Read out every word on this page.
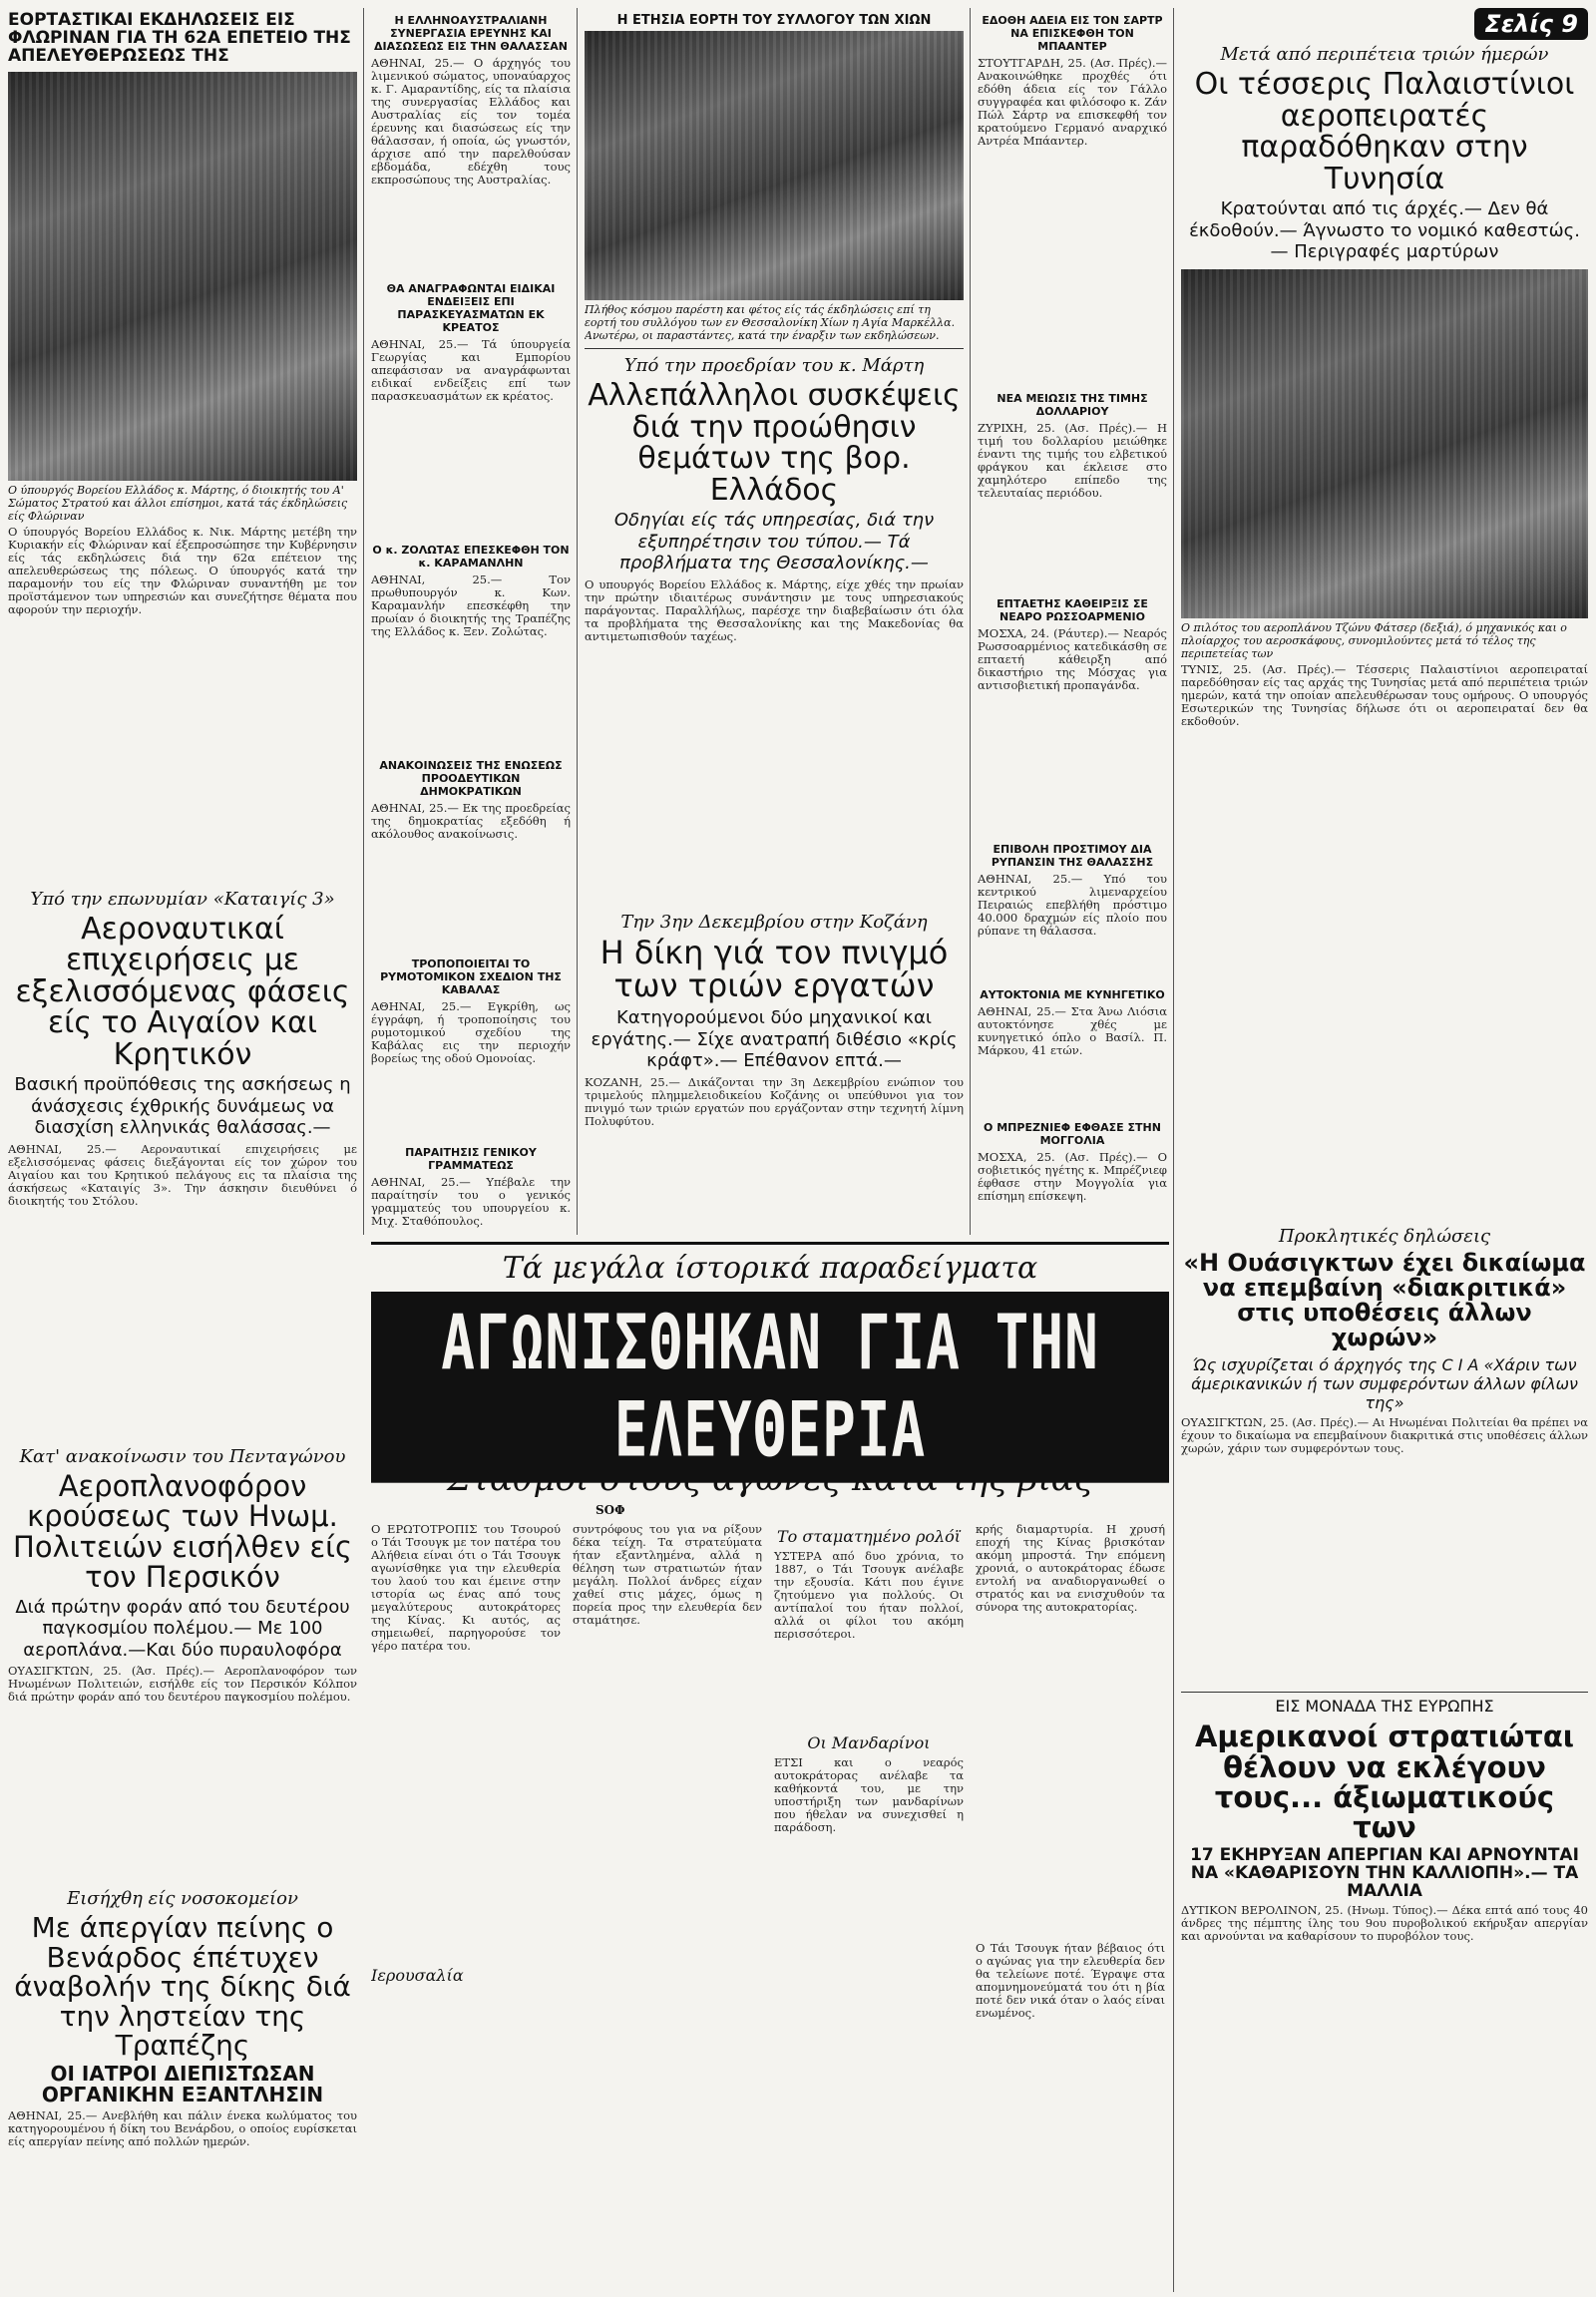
ΕΟΡΤΑΣΤΙΚΑΙ ΕΚΔΗΛΩΣΕΙΣ ΕΙΣ ΦΛΩΡΙΝΑΝ ΓΙΑ ΤΗ 62Α ΕΠΕΤΕΙΟ ΤΗΣ ΑΠΕΛΕΥΘΕΡΩΣΕΩΣ ΤΗΣ
Ο ύπουργός Βορείου Ελλάδος κ. Μάρτης, ό διοικητής του Α' Σώματος Στρατού και άλλοι επίσημοι, κατά τάς έκδηλώσεις είς Φλώριναν
Ο ύπουργός Βορείου Ελλάδος κ. Νικ. Μάρτης μετέβη την Κυριακήν είς Φλώριναν καί έξεπροσώπησε την Κυβέρνησιν είς τάς εκδηλώσεις διά την 62α επέτειον της απελευθερώσεως της πόλεως. Ο ύπουργός κατά την παραμονήν του είς την Φλώριναν συναντήθη με τον προϊστάμενον των υπηρεσιών και συνεζήτησε θέματα που αφορούν την περιοχήν.
Υπό την επωνυμίαν «Καταιγίς 3»
Αεροναυτικαί επιχειρήσεις με εξελισσόμενας φάσεις είς το Αιγαίον και Κρητικόν
Βασική προϋπόθεσις της ασκήσεως η άνάσχεσις έχθρικής δυνάμεως να διασχίση ελληνικάς θαλάσσας.—
ΑΘΗΝΑΙ, 25.— Αεροναυτικαί επιχειρήσεις με εξελισσόμενας φάσεις διεξάγονται είς τον χώρον του Αιγαίου και του Κρητικού πελάγους εις τα πλαίσια της άσκήσεως «Καταιγίς 3». Την άσκησιν διευθύνει ό διοικητής του Στόλου.
Κατ' ανακοίνωσιν του Πενταγώνου
Αεροπλανοφόρον κρούσεως των Ηνωμ. Πολιτειών εισήλθεν είς τον Περσικόν
Διά πρώτην φοράν από του δευτέρου παγκοσμίου πολέμου.— Με 100 αεροπλάνα.—Και δύο πυραυλοφόρα
ΟΥΑΣΙΓΚΤΩΝ, 25. (Άσ. Πρές).— Αεροπλανοφόρον των Ηνωμένων Πολιτειών, εισήλθε είς τον Περσικόν Κόλπον διά πρώτην φοράν από του δευτέρου παγκοσμίου πολέμου.
Εισήχθη είς νοσοκομείον
Με άπεργίαν πείνης ο Βενάρδος έπέτυχεν άναβολήν της δίκης διά την ληστείαν της Τραπέζης
ΟΙ ΙΑΤΡΟΙ ΔΙΕΠΙΣΤΩΣΑΝ ΟΡΓΑΝΙΚΗΝ ΕΞΑΝΤΛΗΣΙΝ
ΑΘΗΝΑΙ, 25.— Ανεβλήθη και πάλιν ένεκα κωλύματος του κατηγορουμένου ή δίκη του Βενάρδου, ο οποίος ευρίσκεται είς απεργίαν πείνης από πολλών ημερών.
Η ΕΛΛΗΝΟΑΥΣΤΡΑΛΙΑΝΗ ΣΥΝΕΡΓΑΣΙΑ ΕΡΕΥΝΗΣ ΚΑΙ ΔΙΑΣΩΣΕΩΣ ΕΙΣ ΤΗΝ ΘΑΛΑΣΣΑΝ
ΑΘΗΝΑΙ, 25.— Ο άρχηγός του λιμενικού σώματος, υποναύαρχος κ. Γ. Αμαραντίδης, είς τα πλαίσια της συνεργασίας Ελλάδος και Αυστραλίας είς τον τομέα έρευνης και διασώσεως είς την θάλασσαν, ή οποία, ώς γνωστόν, άρχισε από την παρελθούσαν εβδομάδα, εδέχθη τους εκπροσώπους της Αυστραλίας.
ΘΑ ΑΝΑΓΡΑΦΩΝΤΑΙ ΕΙΔΙΚΑΙ ΕΝΔΕΙΞΕΙΣ ΕΠΙ ΠΑΡΑΣΚΕΥΑΣΜΑΤΩΝ ΕΚ ΚΡΕΑΤΟΣ
ΑΘΗΝΑΙ, 25.— Τά ύπουργεία Γεωργίας και Εμπορίου απεφάσισαν να αναγράφωνται ειδικαί ενδείξεις επί των παρασκευασμάτων εκ κρέατος.
Ο κ. ΖΟΛΩΤΑΣ ΕΠΕΣΚΕΦΘΗ ΤΟΝ κ. ΚΑΡΑΜΑΝΛΗΝ
ΑΘΗΝΑΙ, 25.— Τον πρωθυπουργόν κ. Κων. Καραμανλήν επεσκέφθη την πρωίαν ό διοικητής της Τραπέζης της Ελλάδος κ. Ξεν. Ζολώτας.
ΑΝΑΚΟΙΝΩΣΕΙΣ ΤΗΣ ΕΝΩΣΕΩΣ ΠΡΟΟΔΕΥΤΙΚΩΝ ΔΗΜΟΚΡΑΤΙΚΩΝ
ΑΘΗΝΑΙ, 25.— Εκ της προεδρείας της δημοκρατίας εξεδόθη ή ακόλουθος ανακοίνωσις.
ΤΡΟΠΟΠΟΙΕΙΤΑΙ ΤΟ ΡΥΜΟΤΟΜΙΚΟΝ ΣΧΕΔΙΟΝ ΤΗΣ ΚΑΒΑΛΑΣ
ΑΘΗΝΑΙ, 25.— Εγκρίθη, ως έγγράφη, ή τροποποίησις του ρυμοτομικού σχεδίου της Καβάλας εις την περιοχήν βορείως της οδού Ομονοίας.
ΠΑΡΑΙΤΗΣΙΣ ΓΕΝΙΚΟΥ ΓΡΑΜΜΑΤΕΩΣ
ΑΘΗΝΑΙ, 25.— Υπέβαλε την παραίτησίν του ο γενικός γραμματεύς του υπουργείου κ. Μιχ. Σταθόπουλος.
Η ΕΤΗΣΙΑ ΕΟΡΤΗ ΤΟΥ ΣΥΛΛΟΓΟΥ ΤΩΝ ΧΙΩΝ
Πλήθος κόσμου παρέστη και φέτος είς τάς έκδηλώσεις επί τη εορτή του συλλόγου των εν Θεσσαλονίκη Χίων η Αγία Μαρκέλλα. Ανωτέρω, οι παραστάντες, κατά την έναρξιν των εκδηλώσεων.
Υπό την προεδρίαν του κ. Μάρτη
Αλλεπάλληλοι συσκέψεις διά την προώθησιν θεμάτων της βορ. Ελλάδος
Οδηγίαι είς τάς υπηρεσίας, διά την εξυπηρέτησιν του τύπου.— Τά προβλήματα της Θεσσαλονίκης.—
Ο υπουργός Βορείου Ελλάδος κ. Μάρτης, είχε χθές την πρωίαν την πρώτην ιδιαιτέρως συνάντησιν με τους υπηρεσιακούς παράγοντας. Παραλλήλως, παρέσχε την διαβεβαίωσιν ότι όλα τα προβλήματα της Θεσσαλονίκης και της Μακεδονίας θα αντιμετωπισθούν ταχέως.
Την 3ην Δεκεμβρίου στην Κοζάνη
Η δίκη γιά τον πνιγμό των τριών εργατών
Κατηγορούμενοι δύο μηχανικοί και εργάτης.— Σίχε ανατραπή διθέσιο «κρίς κράφτ».— Επέθανον επτά.—
ΚΟΖΑΝΗ, 25.— Δικάζονται την 3η Δεκεμβρίου ενώπιον του τριμελούς πλημμελειοδικείου Κοζάνης οι υπεύθυνοι για τον πνιγμό των τριών εργατών που εργάζονταν στην τεχνητή λίμνη Πολυφύτου.
ΕΔΟΘΗ ΑΔΕΙΑ ΕΙΣ ΤΟΝ ΣΑΡΤΡ ΝΑ ΕΠΙΣΚΕΦΘΗ ΤΟΝ ΜΠΑΑΝΤΕΡ
ΣΤΟΥΤΓΑΡΔΗ, 25. (Ασ. Πρές).— Ανακοινώθηκε προχθές ότι εδόθη άδεια είς τον Γάλλο συγγραφέα και φιλόσοφο κ. Ζάν Πώλ Σάρτρ να επισκεφθή τον κρατούμενο Γερμανό αναρχικό Αντρέα Μπάαντερ.
ΝΕΑ ΜΕΙΩΣΙΣ ΤΗΣ ΤΙΜΗΣ ΔΟΛΛΑΡΙΟΥ
ΖΥΡΙΧΗ, 25. (Ασ. Πρές).— Η τιμή του δολλαρίου μειώθηκε έναντι της τιμής του ελβετικού φράγκου και έκλεισε στο χαμηλότερο επίπεδο της τελευταίας περιόδου.
ΕΠΤΑΕΤΗΣ ΚΑΘΕΙΡΞΙΣ ΣΕ ΝΕΑΡΟ ΡΩΣΣΟΑΡΜΕΝΙΟ
ΜΟΣΧΑ, 24. (Ράυτερ).— Νεαρός Ρωσσοαρμένιος κατεδικάσθη σε επταετή κάθειρξη από δικαστήριο της Μόσχας για αντισοβιετική προπαγάνδα.
ΕΠΙΒΟΛΗ ΠΡΟΣΤΙΜΟΥ ΔΙΑ ΡΥΠΑΝΣΙΝ ΤΗΣ ΘΑΛΑΣΣΗΣ
ΑΘΗΝΑΙ, 25.— Υπό του κεντρικού λιμεναρχείου Πειραιώς επεβλήθη πρόστιμο 40.000 δραχμών είς πλοίο που ρύπανε τη θάλασσα.
ΑΥΤΟΚΤΟΝΙΑ ΜΕ ΚΥΝΗΓΕΤΙΚΟ
ΑΘΗΝΑΙ, 25.— Στα Άνω Λιόσια αυτοκτόνησε χθές με κυνηγετικό όπλο ο Βασίλ. Π. Μάρκου, 41 ετών.
Ο ΜΠΡΕΖΝΙΕΦ ΕΦΘΑΣΕ ΣΤΗΝ ΜΟΓΓΟΛΙΑ
ΜΟΣΧΑ, 25. (Ασ. Πρές).— Ο σοβιετικός ηγέτης κ. Μπρέζνιεφ έφθασε στην Μογγολία για επίσημη επίσκεψη.
Σελίς 9
Μετά από περιπέτεια τριών ήμερών
Οι τέσσερις Παλαιστίνιοι αεροπειρατές παραδόθηκαν στην Τυνησία
Κρατούνται από τις άρχές.— Δεν θά έκδοθούν.— Άγνωστο το νομικό καθεστώς.— Περιγραφές μαρτύρων
Ο πιλότος του αεροπλάνου Τζώνυ Φάτσερ (δεξιά), ό μηχανικός και ο πλοίαρχος του αεροσκάφους, συνομιλούντες μετά τό τέλος της περιπετείας των
ΤΥΝΙΣ, 25. (Ασ. Πρές).— Τέσσερις Παλαιστίνιοι αεροπειραταί παρεδόθησαν είς τας αρχάς της Τυνησίας μετά από περιπέτεια τριών ημερών, κατά την οποίαν απελευθέρωσαν τους ομήρους. Ο υπουργός Εσωτερικών της Τυνησίας δήλωσε ότι οι αεροπειραταί δεν θα εκδοθούν.
Προκλητικές δηλώσεις
«Η Ουάσιγκτων έχει δικαίωμα να επεμβαίνη «διακριτικά» στις υποθέσεις άλλων χωρών»
Ώς ισχυρίζεται ό άρχηγός της C I A «Χάριν των άμερικανικών ή των συμφερόντων άλλων φίλων της»
ΟΥΑΣΙΓΚΤΩΝ, 25. (Ασ. Πρές).— Αι Ηνωμέναι Πολιτείαι θα πρέπει να έχουν το δικαίωμα να επεμβαίνουν διακριτικά στις υποθέσεις άλλων χωρών, χάριν των συμφερόντων τους.
ΕΙΣ ΜΟΝΑΔΑ ΤΗΣ ΕΥΡΩΠΗΣ
Αμερικανοί στρατιώται θέλουν να εκλέγουν τους... άξιωματικούς των
17 ΕΚΗΡΥΞΑΝ ΑΠΕΡΓΙΑΝ ΚΑΙ ΑΡΝΟΥΝΤΑΙ ΝΑ «ΚΑΘΑΡΙΣΟΥΝ ΤΗΝ ΚΑΛΛΙΟΠΗ».— ΤΑ ΜΑΛΛΙΑ
ΔΥΤΙΚΟΝ ΒΕΡΟΛΙΝΟΝ, 25. (Ηνωμ. Τύπος).— Δέκα επτά από τους 40 άνδρες της πέμπτης ίλης του 9ου πυροβολικού εκήρυξαν απεργίαν και αρνούνται να καθαρίσουν το πυροβόλον τους.
Τά μεγάλα ίστορικά παραδείγματα
ΑΓΩΝΙΣΘΗΚΑΝ ΓΙΑ ΤΗΝ ΕΛΕΥΘΕΡΙΑ
SOΦ
Ο ΕΡΩΤΟΤΡΟΠΙΣ του Τσουρού ο Τάι Τσουγκ με τον πατέρα του Αλήθεια είναι ότι ο Τάι Τσουγκ αγωνίσθηκε για την ελευθερία του λαού του και έμεινε στην ιστορία ως ένας από τους μεγαλύτερους αυτοκράτορες της Κίνας. Κι αυτός, ας σημειωθεί, παρηγορούσε τον γέρο πατέρα του.
Ιερουσαλία
συντρόφους του για να ρίξουν δέκα τείχη. Τα στρατεύματα ήταν εξαντλημένα, αλλά η θέληση των στρατιωτών ήταν μεγάλη. Πολλοί άνδρες είχαν χαθεί στις μάχες, όμως η πορεία προς την ελευθερία δεν σταμάτησε.
Το σταματημένο ρολόϊ
ΥΣΤΕΡΑ από δυο χρόνια, το 1887, ο Τάι Τσουγκ ανέλαβε την εξουσία. Κάτι που έγινε ζητούμενο για πολλούς. Οι αντίπαλοί του ήταν πολλοί, αλλά οι φίλοι του ακόμη περισσότεροι.
Οι Μανδαρίνοι
ΕΤΣΙ και ο νεαρός αυτοκράτορας ανέλαβε τα καθήκοντά του, με την υποστήριξη των μανδαρίνων που ήθελαν να συνεχισθεί η παράδοση.
κρής διαμαρτυρία. Η χρυσή εποχή της Κίνας βρισκόταν ακόμη μπροστά. Την επόμενη χρονιά, ο αυτοκράτορας έδωσε εντολή να αναδιοργανωθεί ο στρατός και να ενισχυθούν τα σύνορα της αυτοκρατορίας.
Ο Τάι Τσουγκ ήταν βέβαιος ότι ο αγώνας για την ελευθερία δεν θα τελείωνε ποτέ. Έγραψε στα απομνημονεύματά του ότι η βία ποτέ δεν νικά όταν ο λαός είναι ενωμένος.
